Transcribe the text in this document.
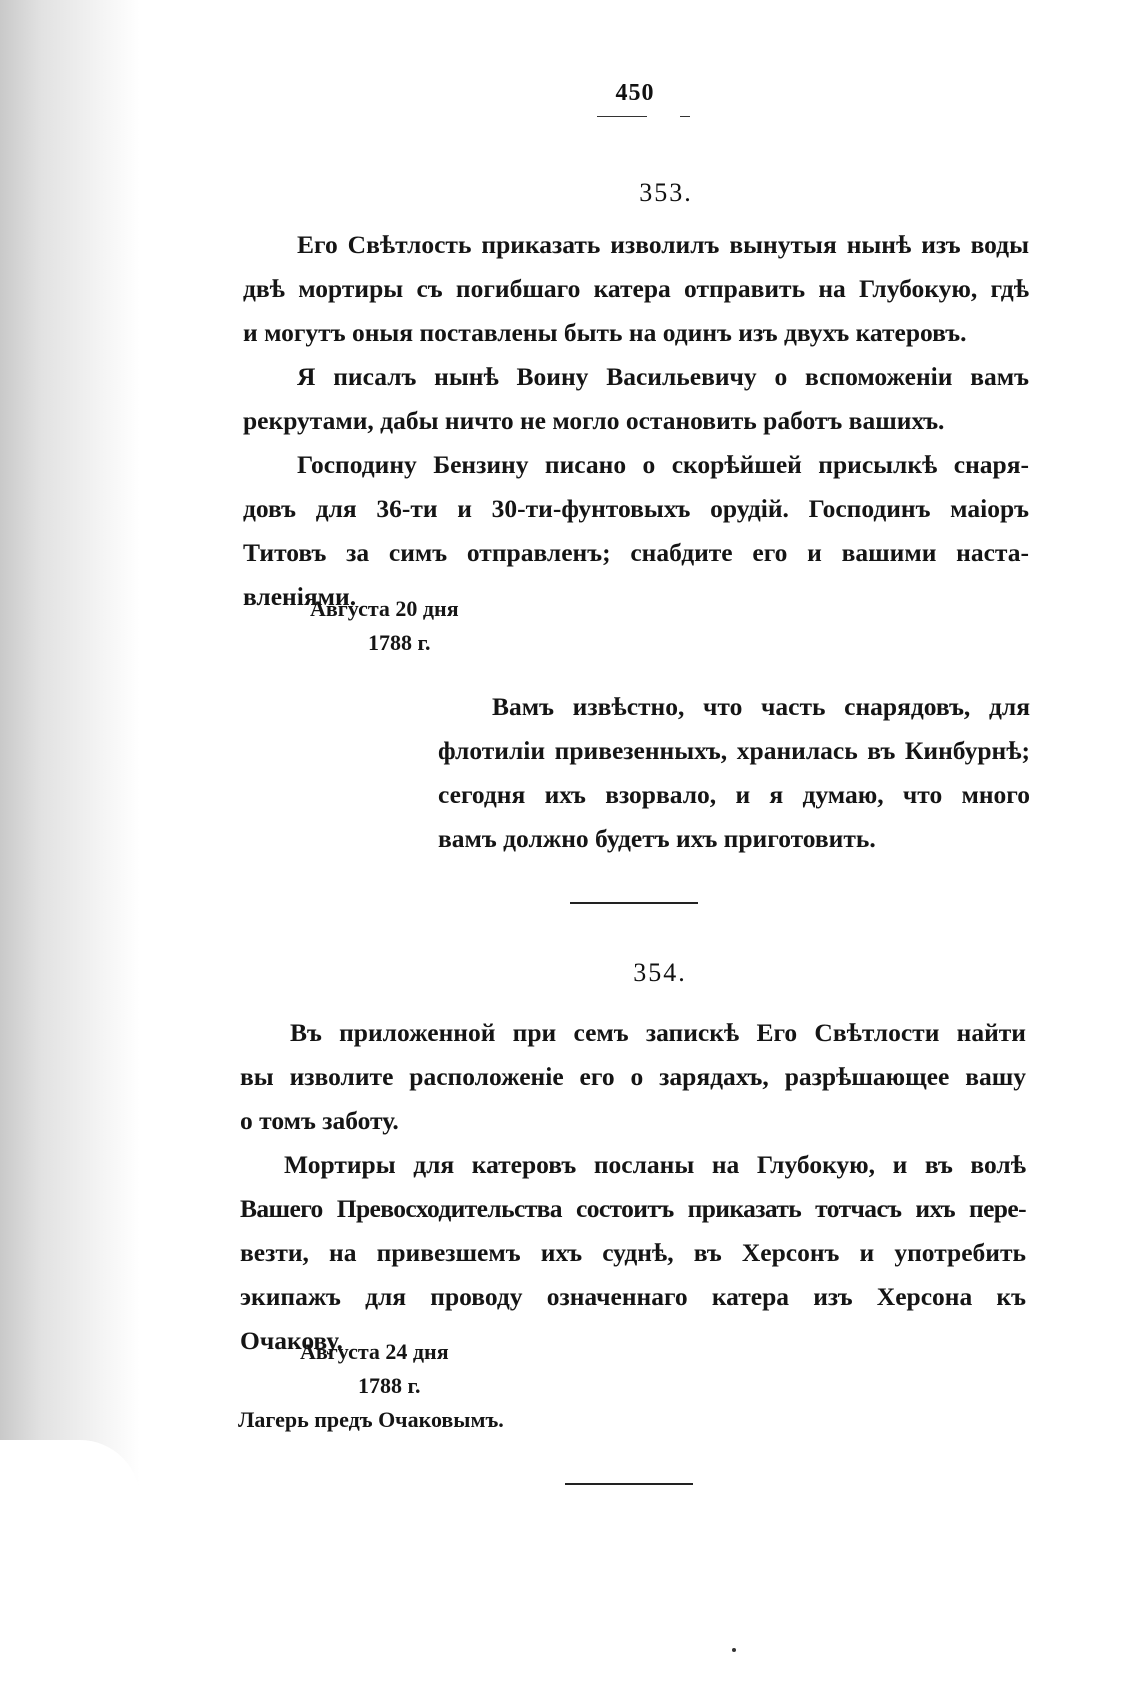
450
353.
Его Свѣтлость приказать изволилъ вынутыя нынѣ изъ воды
двѣ мортиры съ погибшаго катера отправить на Глубокую, гдѣ
и могутъ оныя поставлены быть на одинъ изъ двухъ катеровъ.
Я писалъ нынѣ Воину Васильевичу о вспоможеніи вамъ
рекрутами, дабы ничто не могло остановить работъ вашихъ.
Господину Бензину писано о скорѣйшей присылкѣ снаря-
довъ для 36-ти и 30-ти-фунтовыхъ орудій. Господинъ маіоръ
Титовъ за симъ отправленъ; снабдите его и вашими наста-
вленіями.
Августа 20 дня
1788 г.
Вамъ извѣстно, что часть снарядовъ, для
флотиліи привезенныхъ, хранилась въ Кинбурнѣ;
сегодня ихъ взорвало, и я думаю, что много
вамъ должно будетъ ихъ приготовить.
354.
Въ приложенной при семъ запискѣ Его Свѣтлости найти
вы изволите расположеніе его о зарядахъ, разрѣшающее вашу
о томъ заботу.
Мортиры для катеровъ посланы на Глубокую, и въ волѣ
Вашего Превосходительства состоитъ приказать тотчасъ ихъ пере-
везти, на привезшемъ ихъ суднѣ, въ Херсонъ и употребить
экипажъ для проводу означеннаго катера изъ Херсона къ
Очакову.
Августа 24 дня
1788 г.
Лагерь предъ Очаковымъ.
